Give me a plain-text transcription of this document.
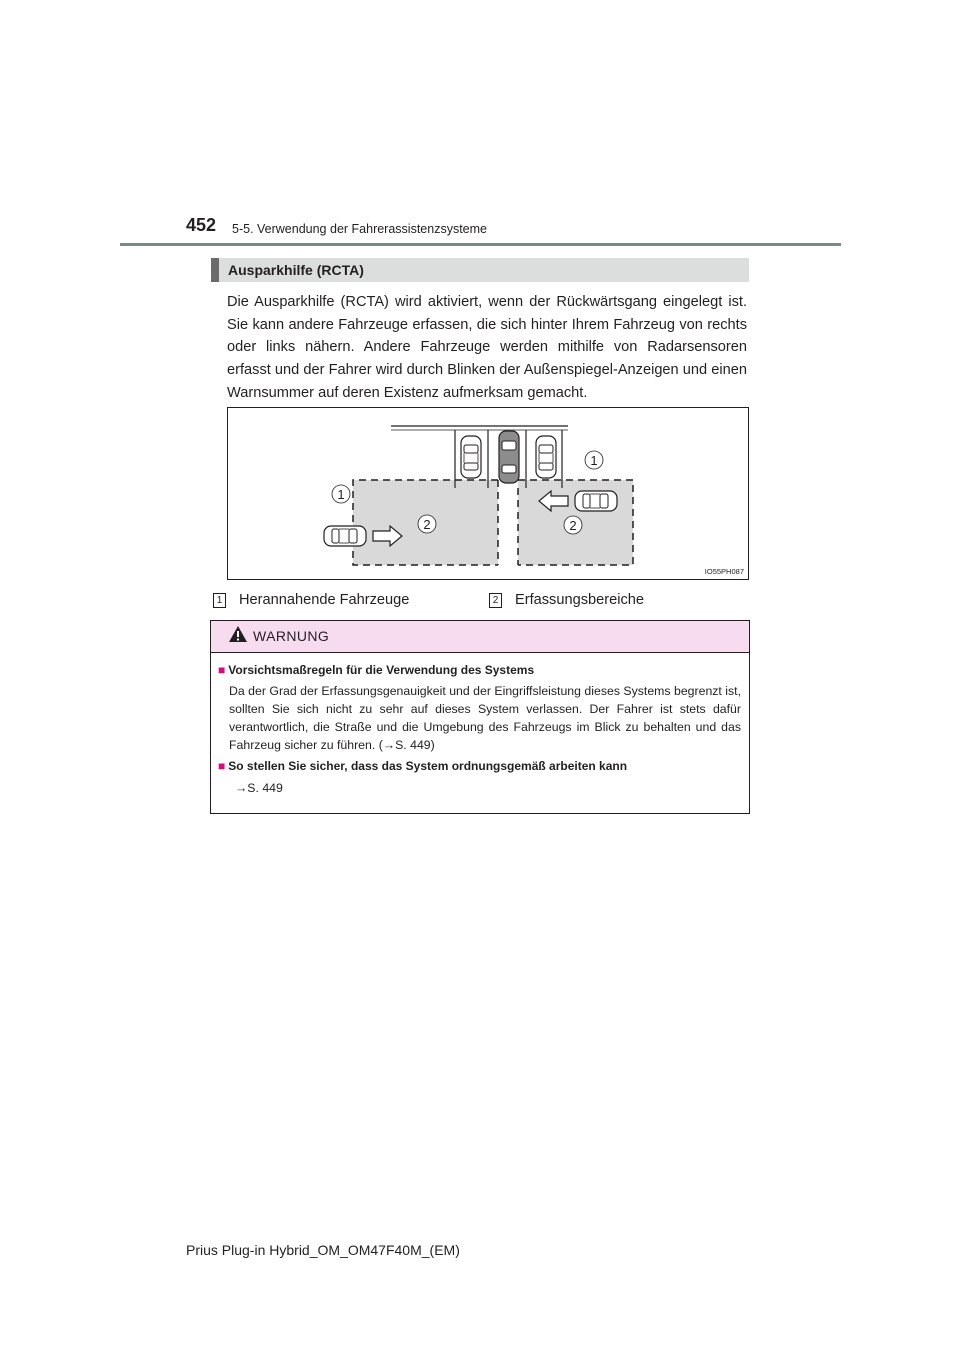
452 5-5. Verwendung der Fahrerassistenzsysteme
Ausparkhilfe (RCTA)

Die Ausparkhilfe (RCTA) wird aktiviert, wenn der Rückwärtsgang eingelegt ist. Sie kann andere Fahrzeuge erfassen, die sich hinter Ihrem Fahrzeug von rechts oder links nähern. Andere Fahrzeuge werden mithilfe von Radarsensoren erfasst und der Fahrer wird durch Blinken der Außenspiegel-Anzeigen und einen Warnsummer auf deren Existenz aufmerksam gemacht.

1
1
2	2
IO55PH087
1 Herannahende Fahrzeuge	2 Erfassungsbereiche
WARNUNG
■ Vorsichtsmaßregeln für die Verwendung des Systems

Da der Grad der Erfassungsgenauigkeit und der Eingriffsleistung dieses Systems begrenzt ist, sollten Sie sich nicht zu sehr auf dieses System verlassen. Der Fahrer ist stets dafür verantwortlich, die Straße und die Umgebung des Fahrzeugs im Blick zu behalten und das Fahrzeug sicher zu führen. (→S. 449)

■ So stellen Sie sicher, dass das System ordnungsgemäß arbeiten kann

→S. 449

Prius Plug-in Hybrid_OM_OM47F40M_(EM)
